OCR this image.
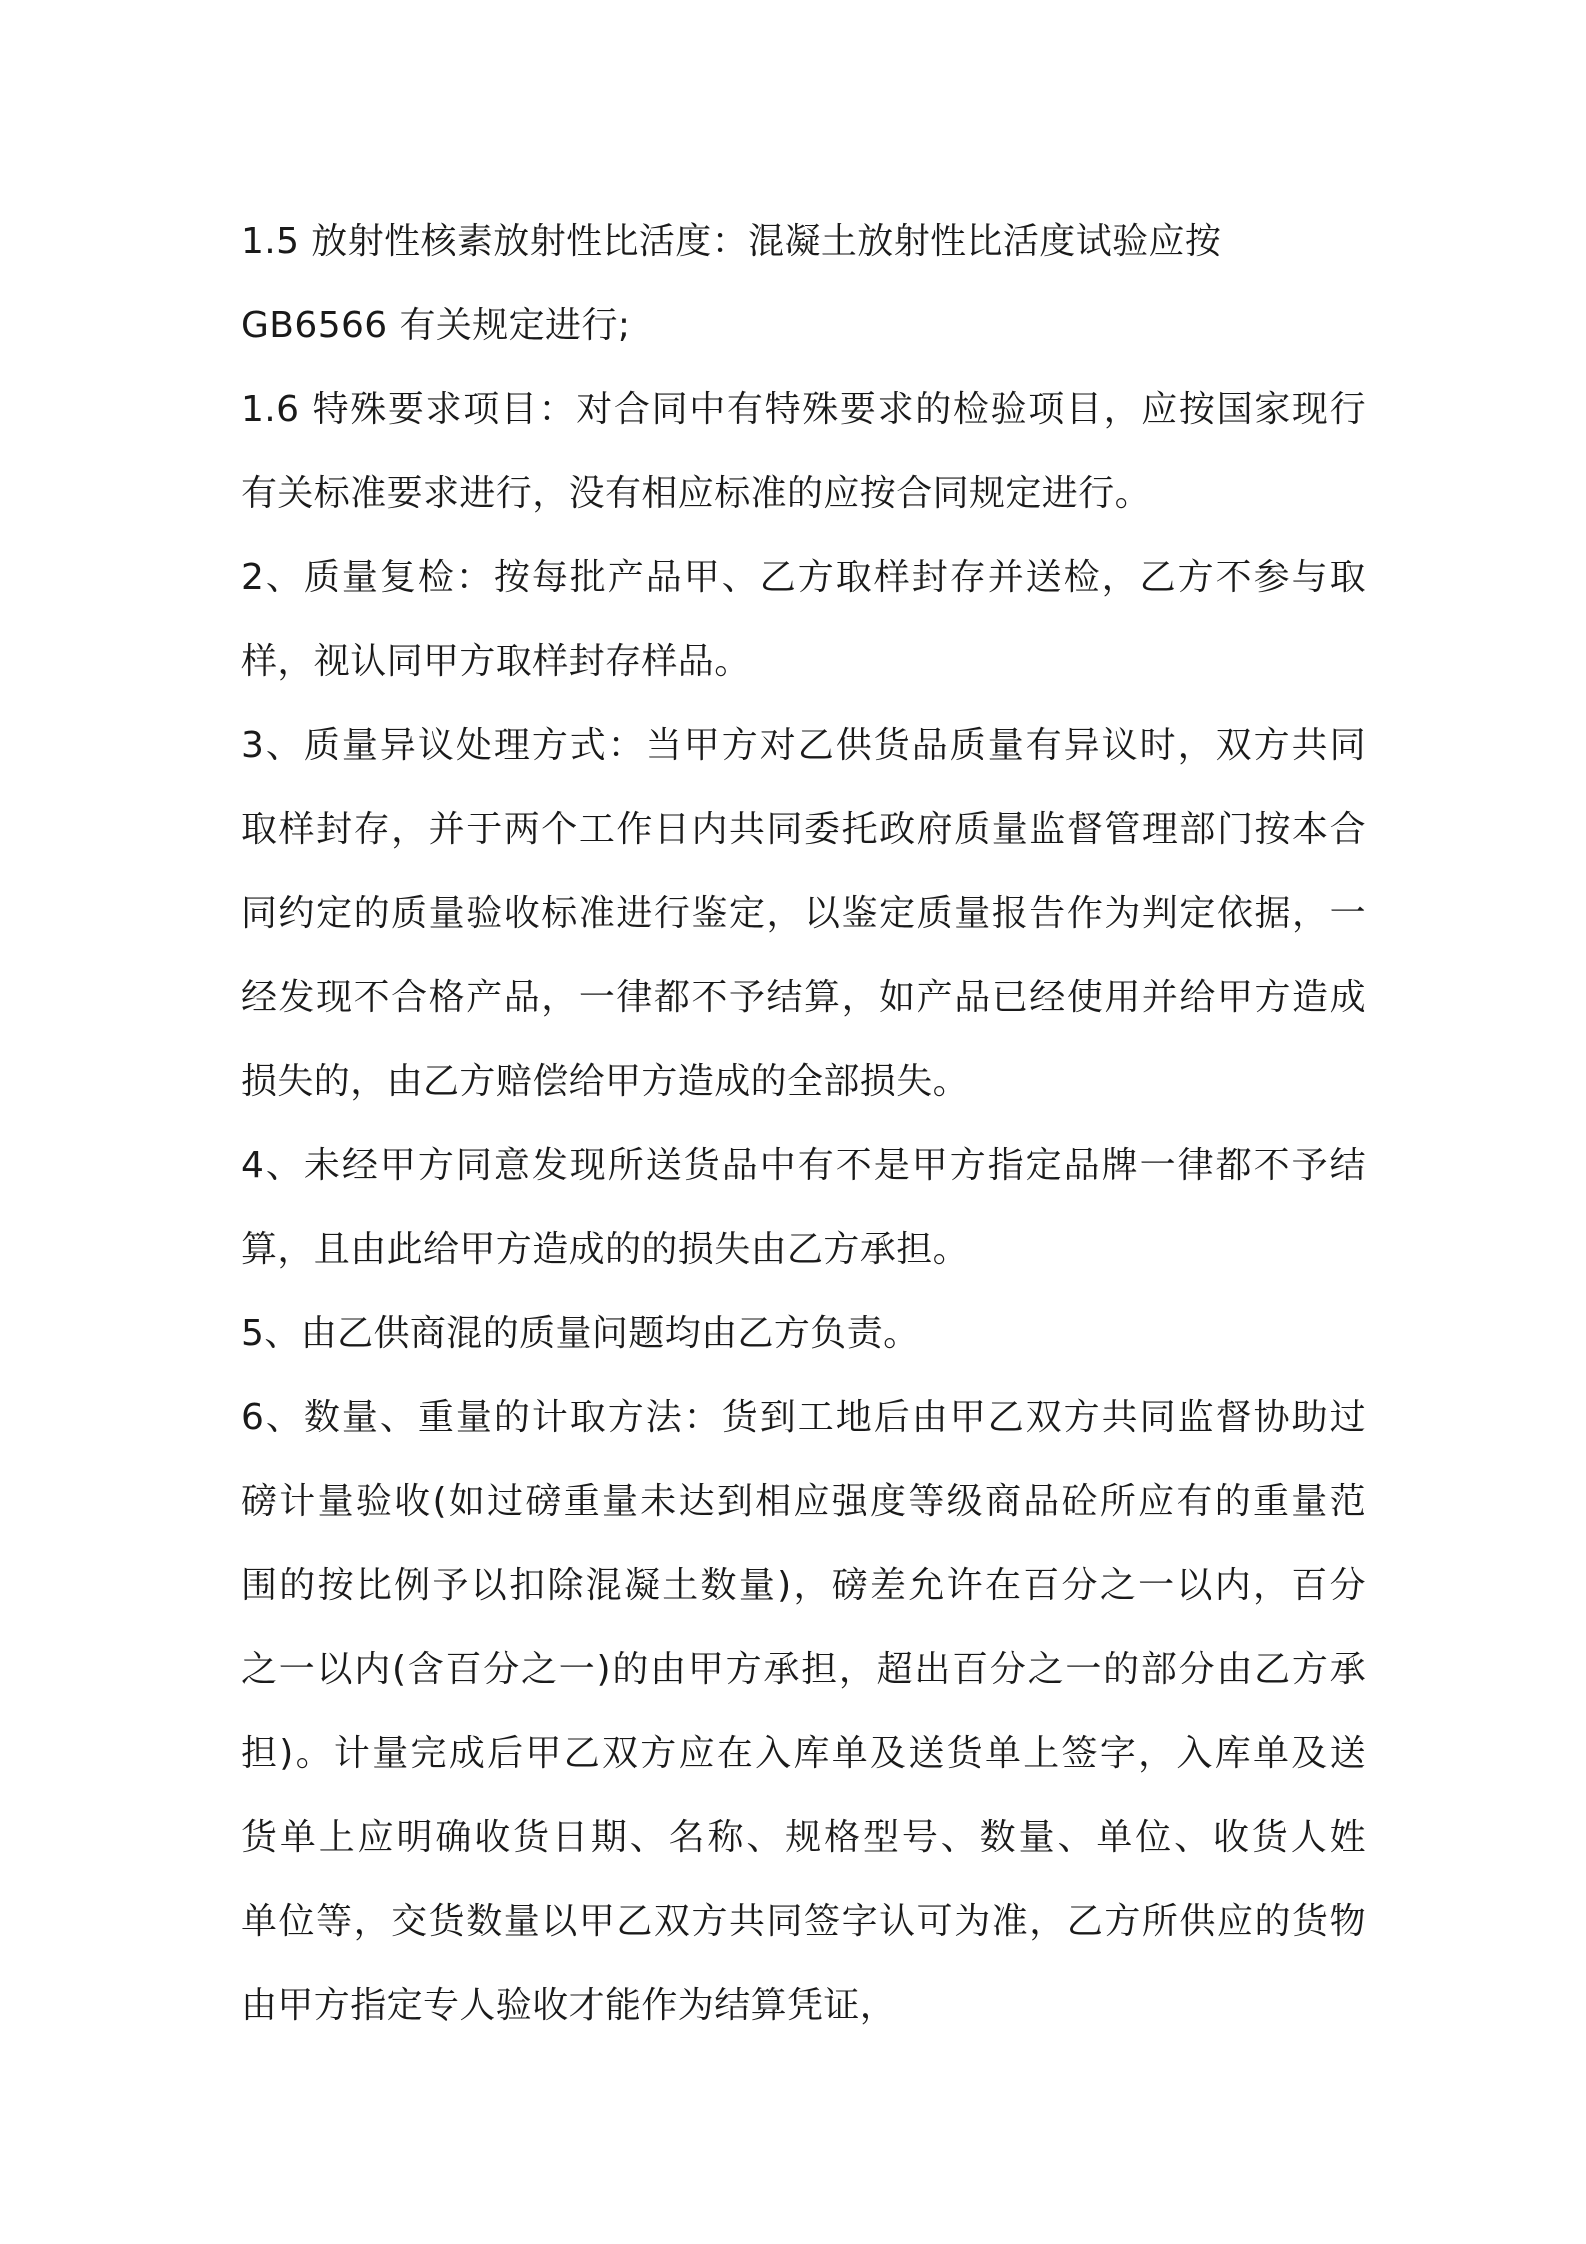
1.5 放射性核素放射性比活度：混凝土放射性比活度试验应按
GB6566 有关规定进行;
1.6 特殊要求项目：对合同中有特殊要求的检验项目，应按国家现行
有关标准要求进行，没有相应标准的应按合同规定进行。
2、质量复检：按每批产品甲、乙方取样封存并送检，乙方不参与取
样，视认同甲方取样封存样品。
3、质量异议处理方式：当甲方对乙供货品质量有异议时，双方共同
取样封存，并于两个工作日内共同委托政府质量监督管理部门按本合
同约定的质量验收标准进行鉴定，以鉴定质量报告作为判定依据，一
经发现不合格产品，一律都不予结算，如产品已经使用并给甲方造成
损失的，由乙方赔偿给甲方造成的全部损失。
4、未经甲方同意发现所送货品中有不是甲方指定品牌一律都不予结
算，且由此给甲方造成的的损失由乙方承担。
5、由乙供商混的质量问题均由乙方负责。
6、数量、重量的计取方法：货到工地后由甲乙双方共同监督协助过
磅计量验收(如过磅重量未达到相应强度等级商品砼所应有的重量范
围的按比例予以扣除混凝土数量)，磅差允许在百分之一以内，百分
之一以内(含百分之一)的由甲方承担，超出百分之一的部分由乙方承
担)。计量完成后甲乙双方应在入库单及送货单上签字，入库单及送
货单上应明确收货日期、名称、规格型号、数量、单位、收货人姓
单位等，交货数量以甲乙双方共同签字认可为准，乙方所供应的货物
由甲方指定专人验收才能作为结算凭证，
